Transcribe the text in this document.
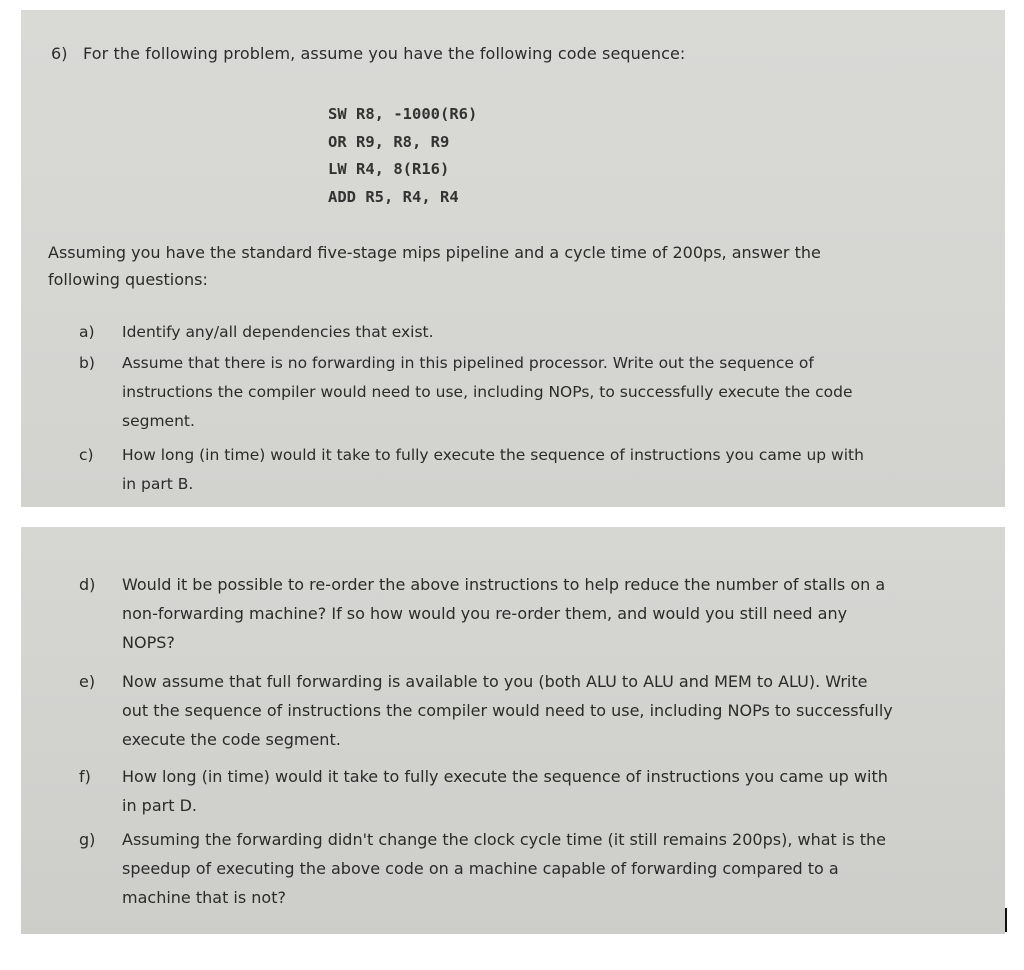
6) For the following problem, assume you have the following code sequence:
SW R8, -1000(R6)
OR R9, R8, R9
LW R4, 8(R16)
ADD R5, R4, R4
Assuming you have the standard five-stage mips pipeline and a cycle time of 200ps, answer the
following questions:
a) Identify any/all dependencies that exist.
b) Assume that there is no forwarding in this pipelined processor. Write out the sequence of
instructions the compiler would need to use, including NOPs, to successfully execute the code
segment.
c) How long (in time) would it take to fully execute the sequence of instructions you came up with
in part B.
d) Would it be possible to re-order the above instructions to help reduce the number of stalls on a
non-forwarding machine? If so how would you re-order them, and would you still need any
NOPS?
e) Now assume that full forwarding is available to you (both ALU to ALU and MEM to ALU). Write
out the sequence of instructions the compiler would need to use, including NOPs to successfully
execute the code segment.
f) How long (in time) would it take to fully execute the sequence of instructions you came up with
in part D.
g) Assuming the forwarding didn't change the clock cycle time (it still remains 200ps), what is the
speedup of executing the above code on a machine capable of forwarding compared to a
machine that is not?
